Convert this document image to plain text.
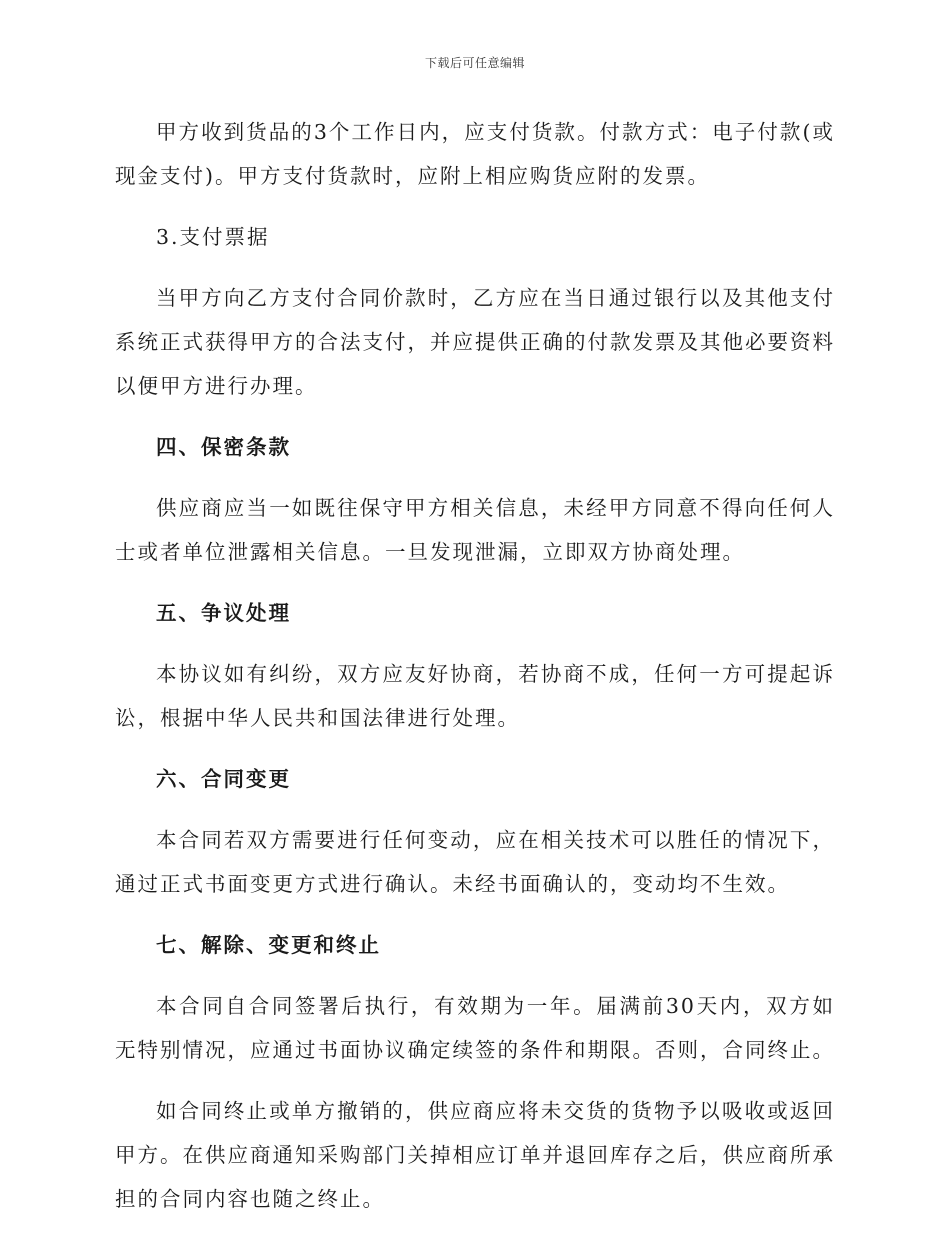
下载后可任意编辑

甲方收到货品的3个工作日内，应支付货款。付款方式：电子付款(或现金支付)。甲方支付货款时，应附上相应购货应附的发票。

3.支付票据

当甲方向乙方支付合同价款时，乙方应在当日通过银行以及其他支付系统正式获得甲方的合法支付，并应提供正确的付款发票及其他必要资料以便甲方进行办理。

四、保密条款

供应商应当一如既往保守甲方相关信息，未经甲方同意不得向任何人士或者单位泄露相关信息。一旦发现泄漏，立即双方协商处理。

五、争议处理

本协议如有纠纷，双方应友好协商，若协商不成，任何一方可提起诉讼，根据中华人民共和国法律进行处理。

六、合同变更

本合同若双方需要进行任何变动，应在相关技术可以胜任的情况下，通过正式书面变更方式进行确认。未经书面确认的，变动均不生效。

七、解除、变更和终止

本合同自合同签署后执行，有效期为一年。届满前30天内，双方如无特别情况，应通过书面协议确定续签的条件和期限。否则，合同终止。

如合同终止或单方撤销的，供应商应将未交货的货物予以吸收或返回甲方。在供应商通知采购部门关掉相应订单并退回库存之后，供应商所承担的合同内容也随之终止。
